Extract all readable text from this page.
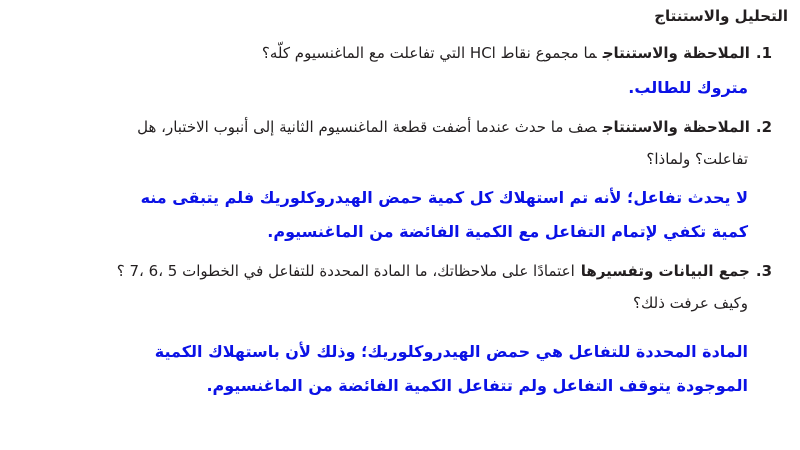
التحليل والاستنتاج
1.الملاحظة والاستنتاجما مجموع نقاط HCl التي تفاعلت مع الماغنسيوم كلّه؟
متروك للطالب.
2.الملاحظة والاستنتاجصف ما حدث عندما أضفت قطعة الماغنسيوم الثانية إلى أنبوب الاختبار، هل
تفاعلت؟ ولماذا؟
لا يحدث تفاعل؛ لأنه تم استهلاك كل كمية حمض الهيدروكلوريك فلم يتبقى منه
كمية تكفي لإتمام التفاعل مع الكمية الفائضة من الماغنسيوم.
3.جمع البيانات وتفسيرهااعتمادًا على ملاحظاتك، ما المادة المحددة للتفاعل في الخطوات 5 ،6 ،7 ؟
وكيف عرفت ذلك؟
المادة المحددة للتفاعل هي حمض الهيدروكلوريك؛ وذلك لأن باستهلاك الكمية
الموجودة يتوقف التفاعل ولم تتفاعل الكمية الفائضة من الماغنسيوم.
